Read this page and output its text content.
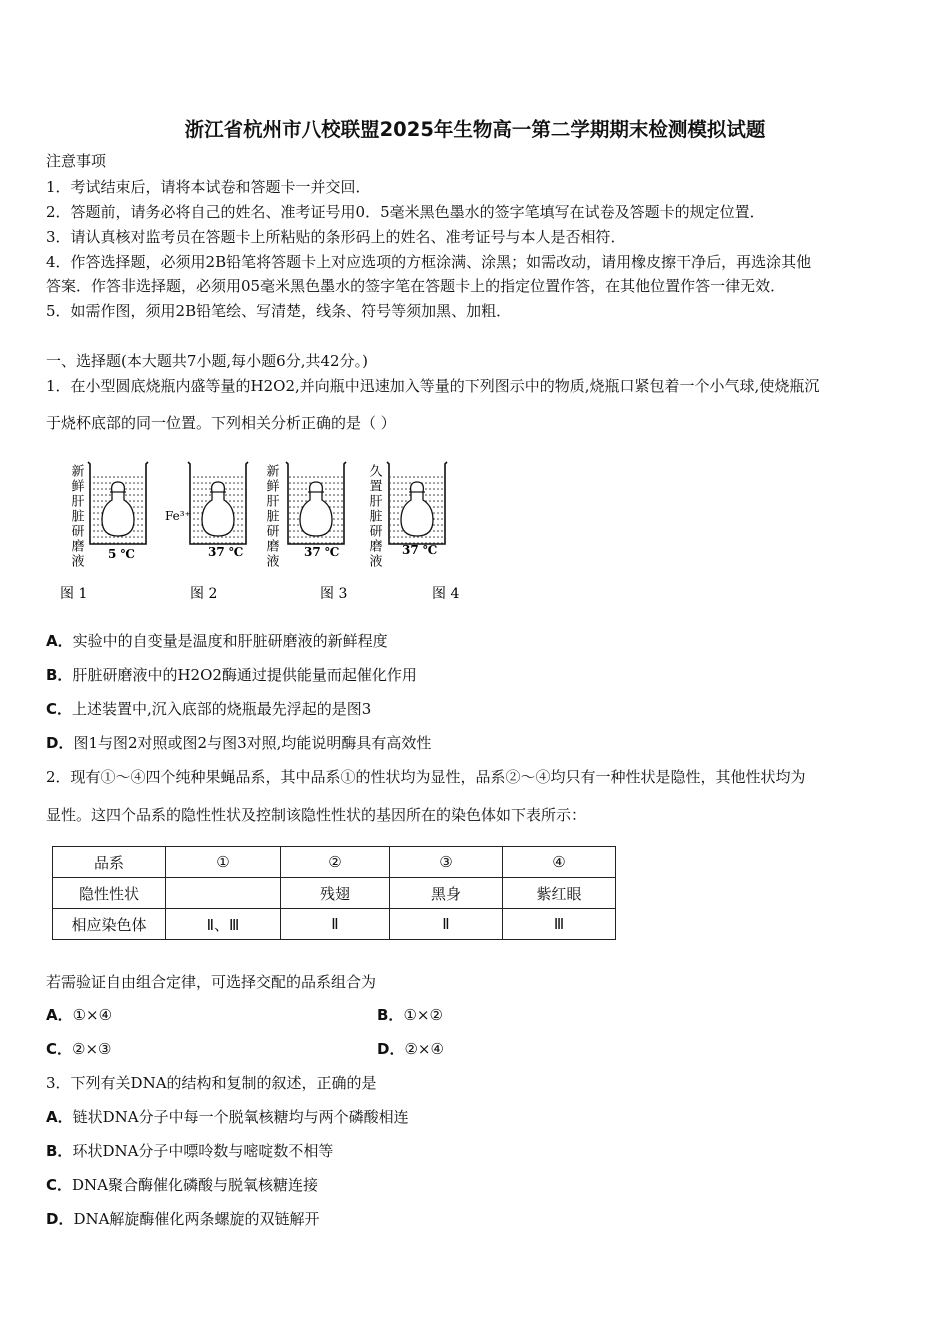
浙江省杭州市八校联盟2025年生物高一第二学期期末检测模拟试题
注意事项
1．考试结束后，请将本试卷和答题卡一并交回．
2．答题前，请务必将自己的姓名、准考证号用0．5毫米黑色墨水的签字笔填写在试卷及答题卡的规定位置．
3．请认真核对监考员在答题卡上所粘贴的条形码上的姓名、准考证号与本人是否相符．
4．作答选择题，必须用2B铅笔将答题卡上对应选项的方框涂满、涂黑；如需改动，请用橡皮擦干净后，再选涂其他
答案．作答非选择题，必须用05毫米黑色墨水的签字笔在答题卡上的指定位置作答，在其他位置作答一律无效．
5．如需作图，须用2B铅笔绘、写清楚，线条、符号等须加黑、加粗．
一、选择题(本大题共7小题,每小题6分,共42分。)
1．在小型圆底烧瓶内盛等量的H2O2,并向瓶中迅速加入等量的下列图示中的物质,烧瓶口紧包着一个小气球,使烧瓶沉
于烧杯底部的同一位置。下列相关分析正确的是（ ）
新鲜肝脏研磨液	Fe³⁺	新鲜肝脏研磨液	久置肝脏研磨液
5 ℃	37 ℃	37 ℃	37 ℃
图 1	图 2	图 3	图 4
A．实验中的自变量是温度和肝脏研磨液的新鲜程度
B．肝脏研磨液中的H2O2酶通过提供能量而起催化作用
C．上述装置中,沉入底部的烧瓶最先浮起的是图3
D．图1与图2对照或图2与图3对照,均能说明酶具有高效性
2．现有①～④四个纯种果蝇品系，其中品系①的性状均为显性，品系②～④均只有一种性状是隐性，其他性状均为
显性。这四个品系的隐性性状及控制该隐性性状的基因所在的染色体如下表所示：
品系	①	②	③	④
隐性性状		残翅	黑身	紫红眼
相应染色体	Ⅱ、Ⅲ	Ⅱ	Ⅱ	Ⅲ
若需验证自由组合定律，可选择交配的品系组合为
A．①×④	B．①×②
C．②×③	D．②×④
3．下列有关DNA的结构和复制的叙述，正确的是
A．链状DNA分子中每一个脱氧核糖均与两个磷酸相连
B．环状DNA分子中嘌呤数与嘧啶数不相等
C．DNA聚合酶催化磷酸与脱氧核糖连接
D．DNA解旋酶催化两条螺旋的双链解开
